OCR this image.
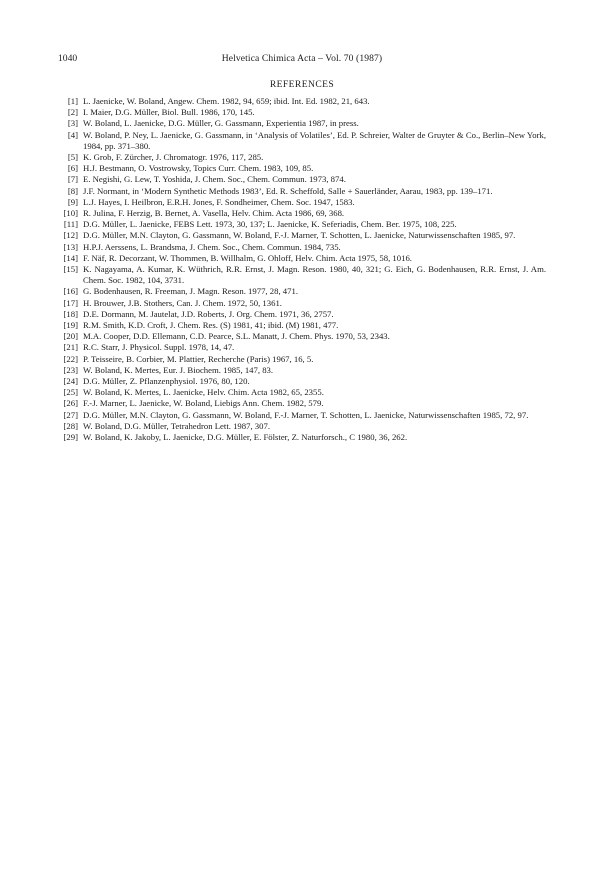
1040	Helvetica Chimica Acta – Vol. 70 (1987)
REFERENCES
[1] L. Jaenicke, W. Boland, Angew. Chem. 1982, 94, 659; ibid. Int. Ed. 1982, 21, 643.
[2] I. Maier, D.G. Müller, Biol. Bull. 1986, 170, 145.
[3] W. Boland, L. Jaenicke, D.G. Müller, G. Gassmann, Experientia 1987, in press.
[4] W. Boland, P. Ney, L. Jaenicke, G. Gassmann, in ‘Analysis of Volatiles’, Ed. P. Schreier, Walter de Gruyter & Co., Berlin–New York, 1984, pp. 371–380.
[5] K. Grob, F. Zürcher, J. Chromatogr. 1976, 117, 285.
[6] H.J. Bestmann, O. Vostrowsky, Topics Curr. Chem. 1983, 109, 85.
[7] E. Negishi, G. Lew, T. Yoshida, J. Chem. Soc., Chem. Commun. 1973, 874.
[8] J.F. Normant, in ‘Modern Synthetic Methods 1983’, Ed. R. Scheffold, Salle + Sauerländer, Aarau, 1983, pp. 139–171.
[9] L.J. Hayes, I. Heilbron, E.R.H. Jones, F. Sondheimer, Chem. Soc. 1947, 1583.
[10] R. Julina, F. Herzig, B. Bernet, A. Vasella, Helv. Chim. Acta 1986, 69, 368.
[11] D.G. Müller, L. Jaenicke, FEBS Lett. 1973, 30, 137; L. Jaenicke, K. Seferiadis, Chem. Ber. 1975, 108, 225.
[12] D.G. Müller, M.N. Clayton, G. Gassmann, W. Boland, F.-J. Marner, T. Schotten, L. Jaenicke, Naturwissenschaften 1985, 97.
[13] H.P.J. Aerssens, L. Brandsma, J. Chem. Soc., Chem. Commun. 1984, 735.
[14] F. Näf, R. Decorzant, W. Thommen, B. Willhalm, G. Ohloff, Helv. Chim. Acta 1975, 58, 1016.
[15] K. Nagayama, A. Kumar, K. Wüthrich, R.R. Ernst, J. Magn. Reson. 1980, 40, 321; G. Eich, G. Bodenhausen, R.R. Ernst, J. Am. Chem. Soc. 1982, 104, 3731.
[16] G. Bodenhausen, R. Freeman, J. Magn. Reson. 1977, 28, 471.
[17] H. Brouwer, J.B. Stothers, Can. J. Chem. 1972, 50, 1361.
[18] D.E. Dormann, M. Jautelat, J.D. Roberts, J. Org. Chem. 1971, 36, 2757.
[19] R.M. Smith, K.D. Croft, J. Chem. Res. (S) 1981, 41; ibid. (M) 1981, 477.
[20] M.A. Cooper, D.D. Ellemann, C.D. Pearce, S.L. Manatt, J. Chem. Phys. 1970, 53, 2343.
[21] R.C. Starr, J. Physicol. Suppl. 1978, 14, 47.
[22] P. Teisseire, B. Corbier, M. Plattier, Recherche (Paris) 1967, 16, 5.
[23] W. Boland, K. Mertes, Eur. J. Biochem. 1985, 147, 83.
[24] D.G. Müller, Z. Pflanzenphysiol. 1976, 80, 120.
[25] W. Boland, K. Mertes, L. Jaenicke, Helv. Chim. Acta 1982, 65, 2355.
[26] F.-J. Marner, L. Jaenicke, W. Boland, Liebigs Ann. Chem. 1982, 579.
[27] D.G. Müller, M.N. Clayton, G. Gassmann, W. Boland, F.-J. Marner, T. Schotten, L. Jaenicke, Naturwissenschaften 1985, 72, 97.
[28] W. Boland, D.G. Müller, Tetrahedron Lett. 1987, 307.
[29] W. Boland, K. Jakoby, L. Jaenicke, D.G. Müller, E. Fölster, Z. Naturforsch., C 1980, 36, 262.
